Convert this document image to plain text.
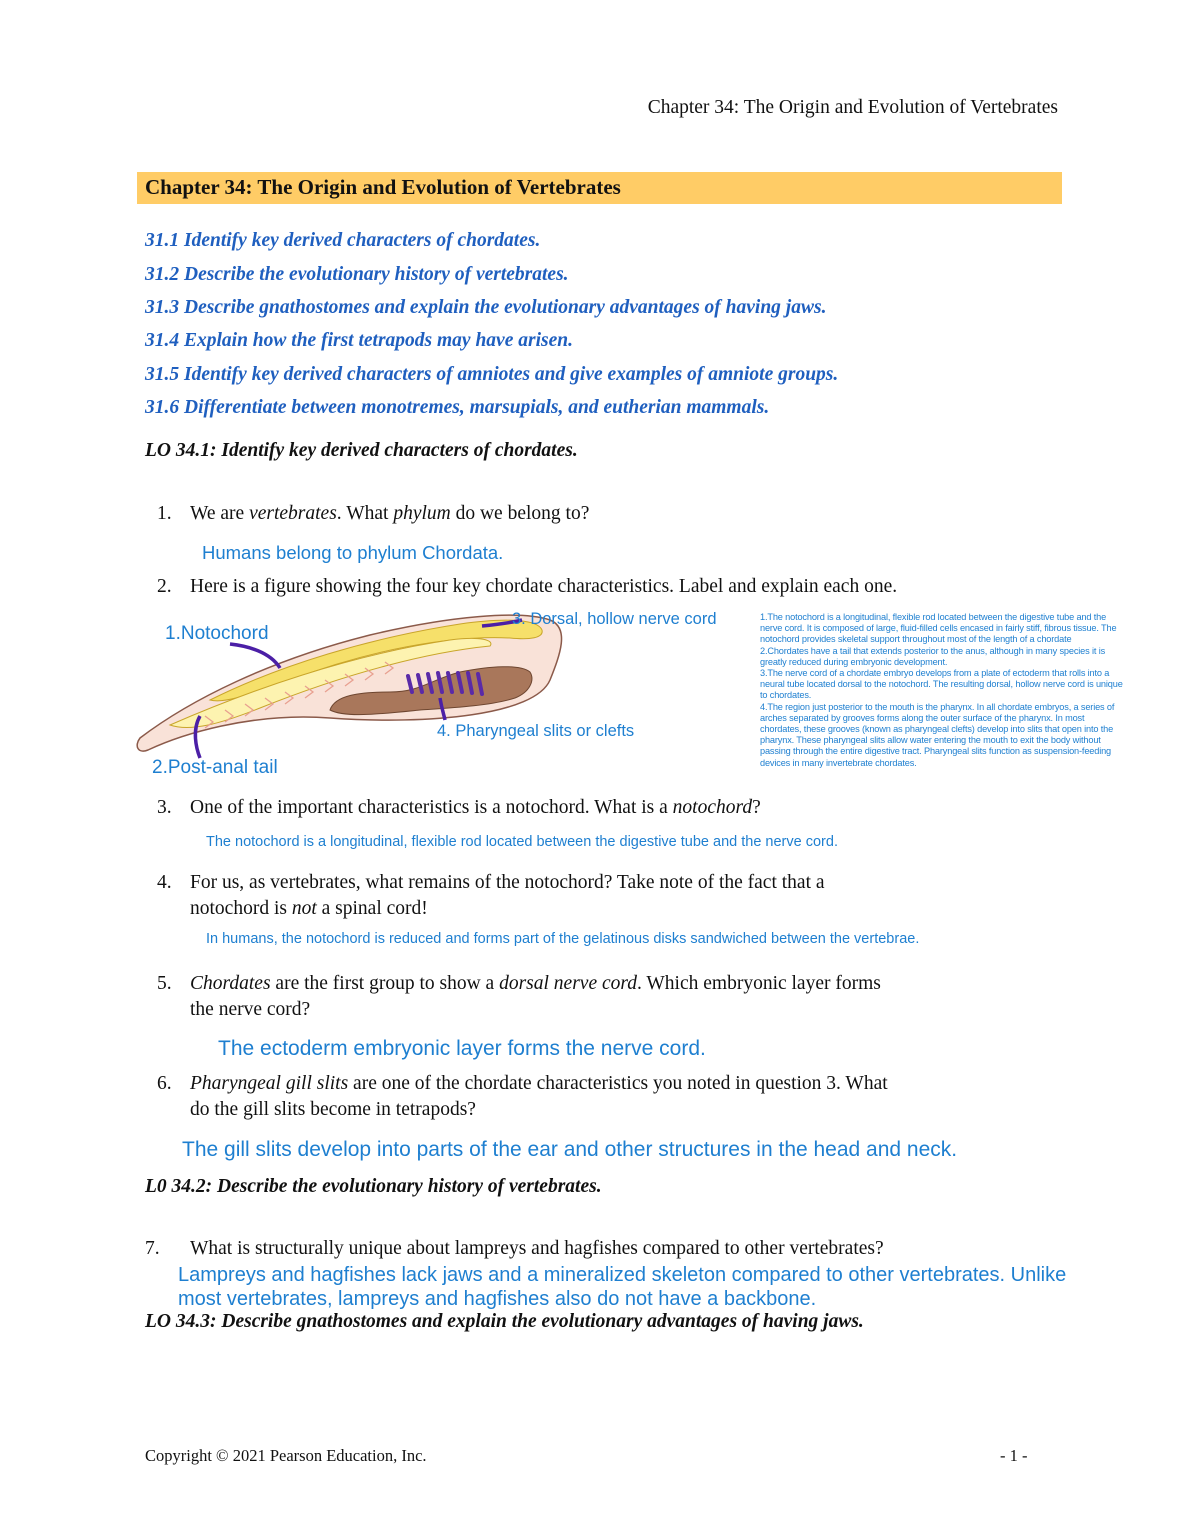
Chapter 34: The Origin and Evolution of Vertebrates
Chapter 34: The Origin and Evolution of Vertebrates
31.1 Identify key derived characters of chordates.
31.2 Describe the evolutionary history of vertebrates.
31.3 Describe gnathostomes and explain the evolutionary advantages of having jaws.
31.4 Explain how the first tetrapods may have arisen.
31.5 Identify key derived characters of amniotes and give examples of amniote groups.
31.6 Differentiate between monotremes, marsupials, and eutherian mammals.
LO 34.1: Identify key derived characters of chordates.
1. We are vertebrates. What phylum do we belong to?
Humans belong to phylum Chordata.
2. Here is a figure showing the four key chordate characteristics. Label and explain each one.
1.Notochord
3. Dorsal, hollow nerve cord
4. Pharyngeal slits or clefts
2.Post-anal tail
1.The notochord is a longitudinal, flexible rod located between the digestive tube and the
nerve cord. It is composed of large, fluid-filled cells encased in fairly stiff, fibrous tissue. The
notochord provides skeletal support throughout most of the length of a chordate
2.Chordates have a tail that extends posterior to the anus, although in many species it is
greatly reduced during embryonic development.
3.The nerve cord of a chordate embryo develops from a plate of ectoderm that rolls into a
neural tube located dorsal to the notochord. The resulting dorsal, hollow nerve cord is unique
to chordates.
4.The region just posterior to the mouth is the pharynx. In all chordate embryos, a series of
arches separated by grooves forms along the outer surface of the pharynx. In most
chordates, these grooves (known as pharyngeal clefts) develop into slits that open into the
pharynx. These pharyngeal slits allow water entering the mouth to exit the body without
passing through the entire digestive tract. Pharyngeal slits function as suspension-feeding
devices in many invertebrate chordates.
3. One of the important characteristics is a notochord. What is a notochord?
The notochord is a longitudinal, flexible rod located between the digestive tube and the nerve cord.
4. For us, as vertebrates, what remains of the notochord? Take note of the fact that a
notochord is not a spinal cord!
In humans, the notochord is reduced and forms part of the gelatinous disks sandwiched between the vertebrae.
5. Chordates are the first group to show a dorsal nerve cord. Which embryonic layer forms
the nerve cord?
The ectoderm embryonic layer forms the nerve cord.
6. Pharyngeal gill slits are one of the chordate characteristics you noted in question 3. What
do the gill slits become in tetrapods?
The gill slits develop into parts of the ear and other structures in the head and neck.
L0 34.2: Describe the evolutionary history of vertebrates.
7. What is structurally unique about lampreys and hagfishes compared to other vertebrates?
Lampreys and hagfishes lack jaws and a mineralized skeleton compared to other vertebrates. Unlike
most vertebrates, lampreys and hagfishes also do not have a backbone.
LO 34.3: Describe gnathostomes and explain the evolutionary advantages of having jaws.
Copyright © 2021 Pearson Education, Inc.	- 1 -
